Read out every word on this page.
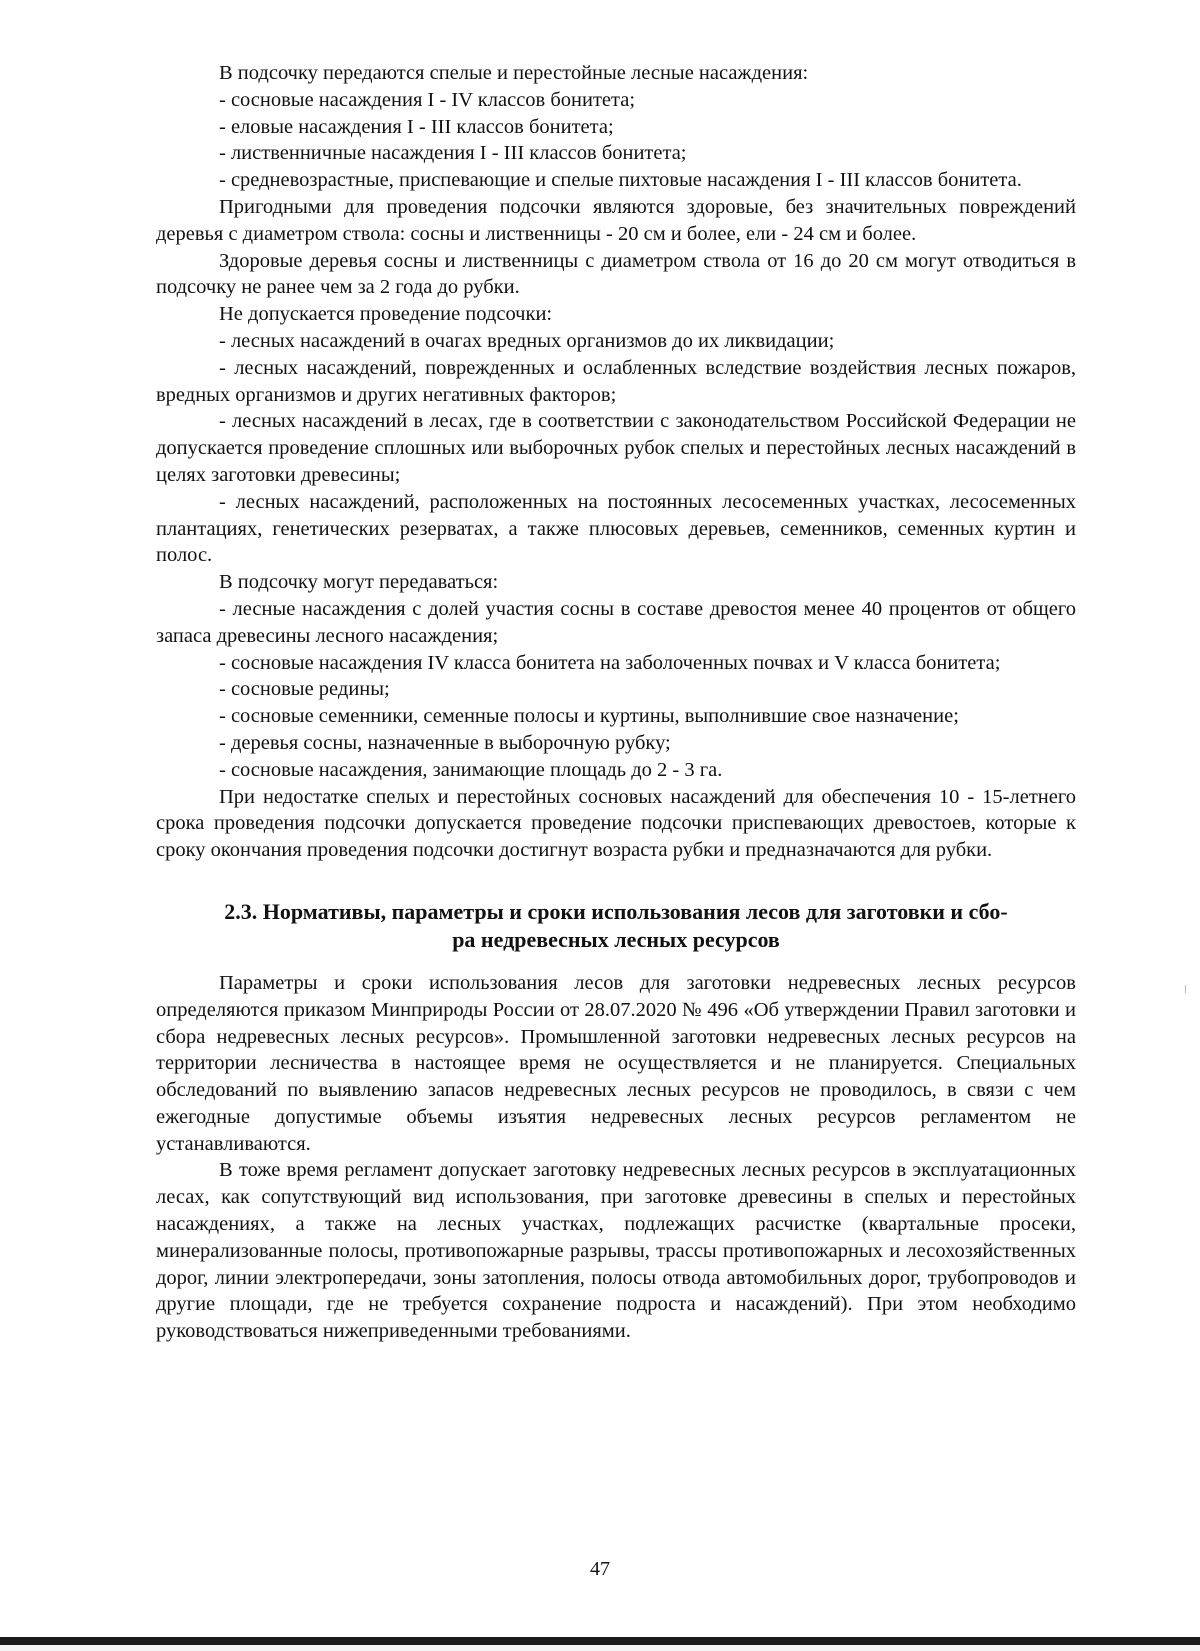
В подсочку передаются спелые и перестойные лесные насаждения:

- сосновые насаждения I - IV классов бонитета;

- еловые насаждения I - III классов бонитета;

- лиственничные насаждения I - III классов бонитета;

- средневозрастные, приспевающие и спелые пихтовые насаждения I - III классов бонитета.

Пригодными для проведения подсочки являются здоровые, без значительных повреждений деревья с диаметром ствола: сосны и лиственницы - 20 см и более, ели - 24 см и более.

Здоровые деревья сосны и лиственницы с диаметром ствола от 16 до 20 см могут отводиться в подсочку не ранее чем за 2 года до рубки.

Не допускается проведение подсочки:

- лесных насаждений в очагах вредных организмов до их ликвидации;

- лесных насаждений, поврежденных и ослабленных вследствие воздействия лесных пожаров, вредных организмов и других негативных факторов;

- лесных насаждений в лесах, где в соответствии с законодательством Российской Федерации не допускается проведение сплошных или выборочных рубок спелых и перестойных лесных насаждений в целях заготовки древесины;

- лесных насаждений, расположенных на постоянных лесосеменных участках, лесосеменных плантациях, генетических резерватах, а также плюсовых деревьев, семенников, семенных куртин и полос.

В подсочку могут передаваться:

- лесные насаждения с долей участия сосны в составе древостоя менее 40 процентов от общего запаса древесины лесного насаждения;

- сосновые насаждения IV класса бонитета на заболоченных почвах и V класса бонитета;

- сосновые редины;

- сосновые семенники, семенные полосы и куртины, выполнившие свое назначение;

- деревья сосны, назначенные в выборочную рубку;

- сосновые насаждения, занимающие площадь до 2 - 3 га.

При недостатке спелых и перестойных сосновых насаждений для обеспечения 10 - 15-летнего срока проведения подсочки допускается проведение подсочки приспевающих древостоев, которые к сроку окончания проведения подсочки достигнут возраста рубки и предназначаются для рубки.

2.3. Нормативы, параметры и сроки использования лесов для заготовки и сбо-
ра недревесных лесных ресурсов

Параметры и сроки использования лесов для заготовки недревесных лесных ресурсов определяются приказом Минприроды России от 28.07.2020 № 496 «Об утверждении Правил заготовки и сбора недревесных лесных ресурсов». Промышленной заготовки недревесных лесных ресурсов на территории лесничества в настоящее время не осуществляется и не планируется. Специальных обследований по выявлению запасов недревесных лесных ресурсов не проводилось, в связи с чем ежегодные допустимые объемы изъятия недревесных лесных ресурсов регламентом не устанавливаются.

В тоже время регламент допускает заготовку недревесных лесных ресурсов в эксплуатационных лесах, как сопутствующий вид использования, при заготовке древесины в спелых и перестойных насаждениях, а также на лесных участках, подлежащих расчистке (квартальные просеки, минерализованные полосы, противопожарные разрывы, трассы противопожарных и лесохозяйственных дорог, линии электропередачи, зоны затопления, полосы отвода автомобильных дорог, трубопроводов и другие площади, где не требуется сохранение подроста и насаждений). При этом необходимо руководствоваться нижеприведенными требованиями.

47
